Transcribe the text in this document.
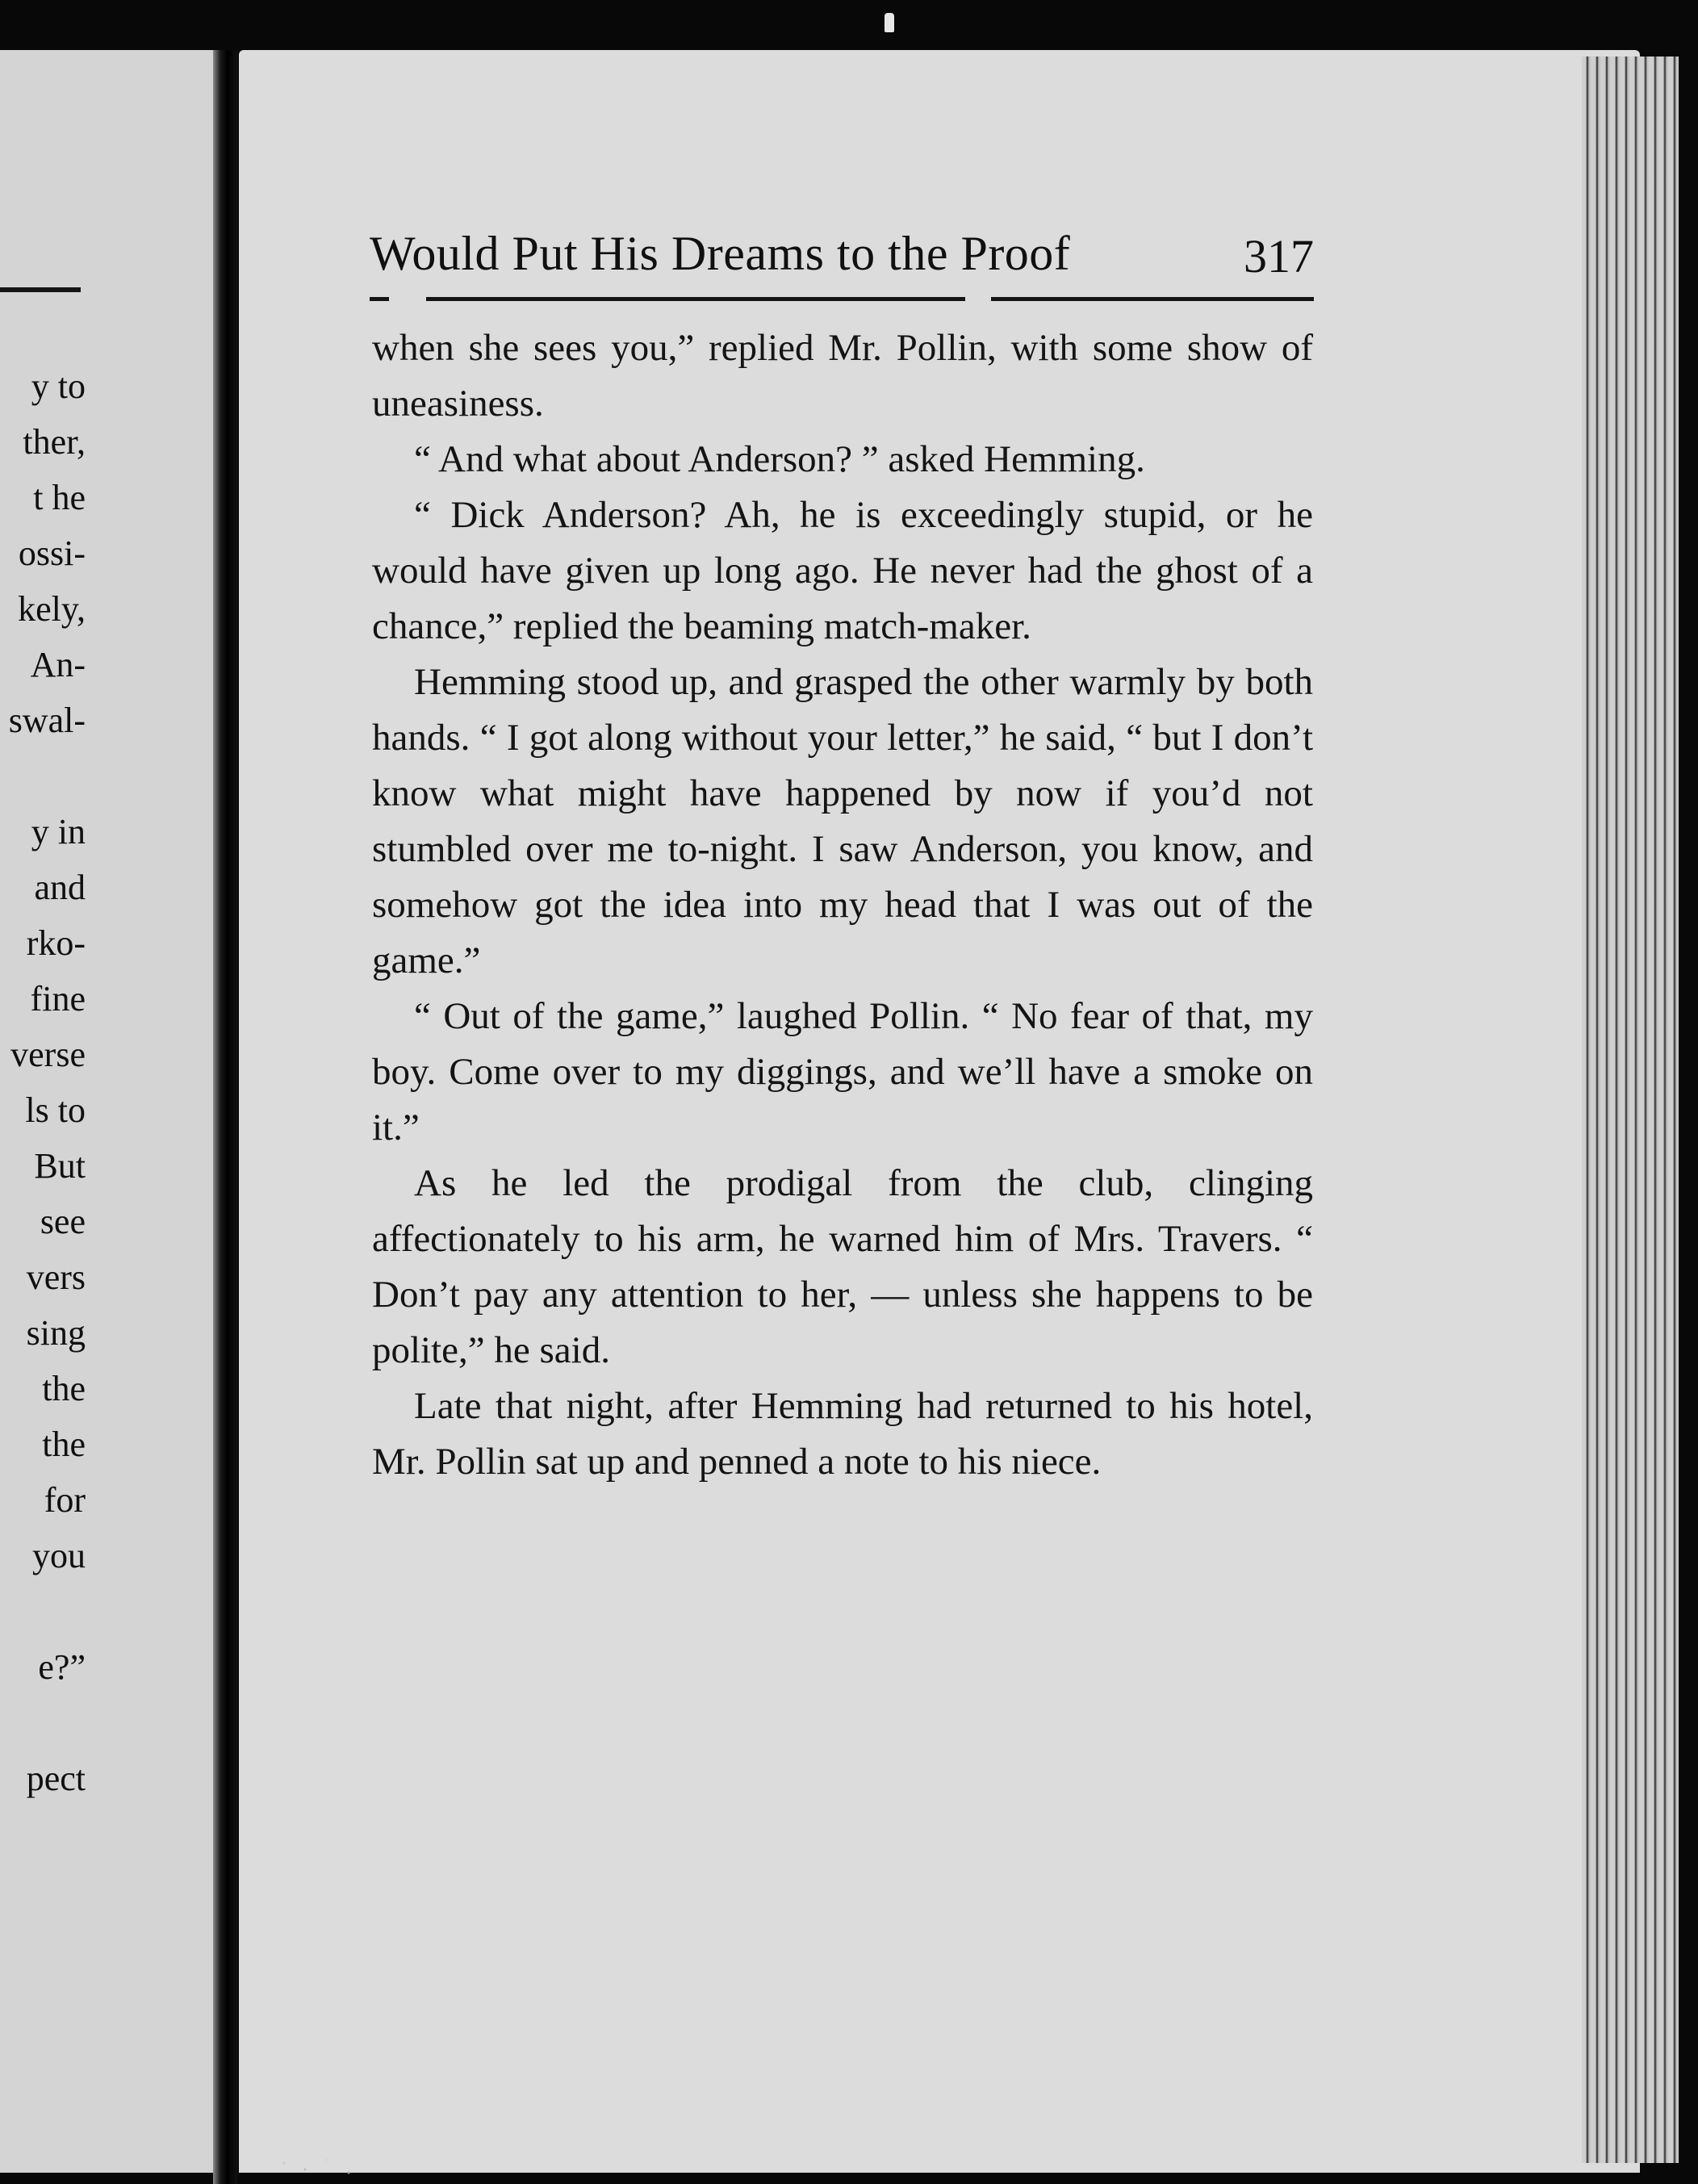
y to
ther,
t he
ossi-
kely,
An-
swal-
y in
and
rko-
fine
verse
ls to
But
see
vers
sing
the
the
for
you
e?”
pect
Would Put His Dreams to the Proof	317

when she sees you,” replied Mr. Pollin, with some show of uneasiness.

“ And what about Anderson? ” asked Hemming.

“ Dick Anderson? Ah, he is exceedingly stupid, or he would have given up long ago. He never had the ghost of a chance,” replied the beaming match-maker.

Hemming stood up, and grasped the other warmly by both hands. “ I got along without your letter,” he said, “ but I don’t know what might have happened by now if you’d not stumbled over me to-night. I saw Anderson, you know, and somehow got the idea into my head that I was out of the game.”

“ Out of the game,” laughed Pollin. “ No fear of that, my boy. Come over to my diggings, and we’ll have a smoke on it.”

As he led the prodigal from the club, clinging affectionately to his arm, he warned him of Mrs. Travers. “ Don’t pay any attention to her, — unless she happens to be polite,” he said.

Late that night, after Hemming had returned to his hotel, Mr. Pollin sat up and penned a note to his niece.
